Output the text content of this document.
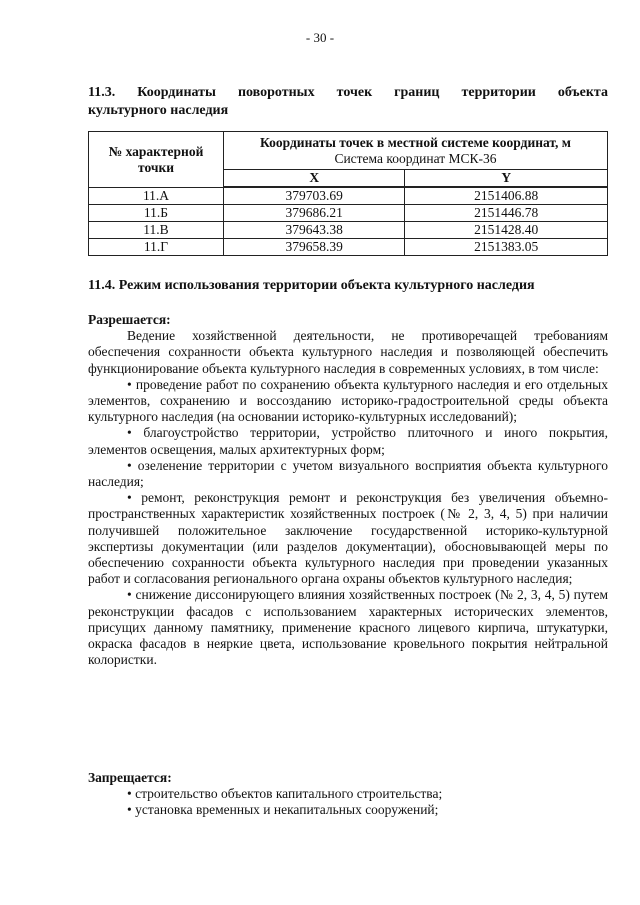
- 30 -
11.3. Координаты поворотных точек границ территории объекта
культурного наследия
№ характерной точки	Координаты точек в местной системе координат, м
Система координат МСК-36	

	X	Y

11.А	379703.69	2151406.88
11.Б	379686.21	2151446.78
11.В	379643.38	2151428.40
11.Г	379658.39	2151383.05
11.4. Режим использования территории объекта культурного наследия

Разрешается:

Ведение хозяйственной деятельности, не противоречащей требованиям обеспечения сохранности объекта культурного наследия и позволяющей обеспечить функционирование объекта культурного наследия в современных условиях, в том числе:

• проведение работ по сохранению объекта культурного наследия и его отдельных элементов, сохранению и воссозданию историко-градостроительной среды объекта культурного наследия (на основании историко-культурных исследований);

• благоустройство территории, устройство плиточного и иного покрытия, элементов освещения, малых архитектурных форм;

• озеленение территории с учетом визуального восприятия объекта культурного наследия;

• ремонт, реконструкция ремонт и реконструкция без увеличения объемно-пространственных характеристик хозяйственных построек (№ 2, 3, 4, 5) при наличии получившей положительное заключение государственной историко-культурной экспертизы документации (или разделов документации), обосновывающей меры по обеспечению сохранности объекта культурного наследия при проведении указанных работ и согласования регионального органа охраны объектов культурного наследия;

• снижение диссонирующего влияния хозяйственных построек (№ 2, 3, 4, 5) путем реконструкции фасадов с использованием характерных исторических элементов, присущих данному памятнику, применение красного лицевого кирпича, штукатурки, окраска фасадов в неяркие цвета, использование кровельного покрытия нейтральной колористки.

Запрещается:

• строительство объектов капитального строительства;

• установка временных и некапитальных сооружений;
